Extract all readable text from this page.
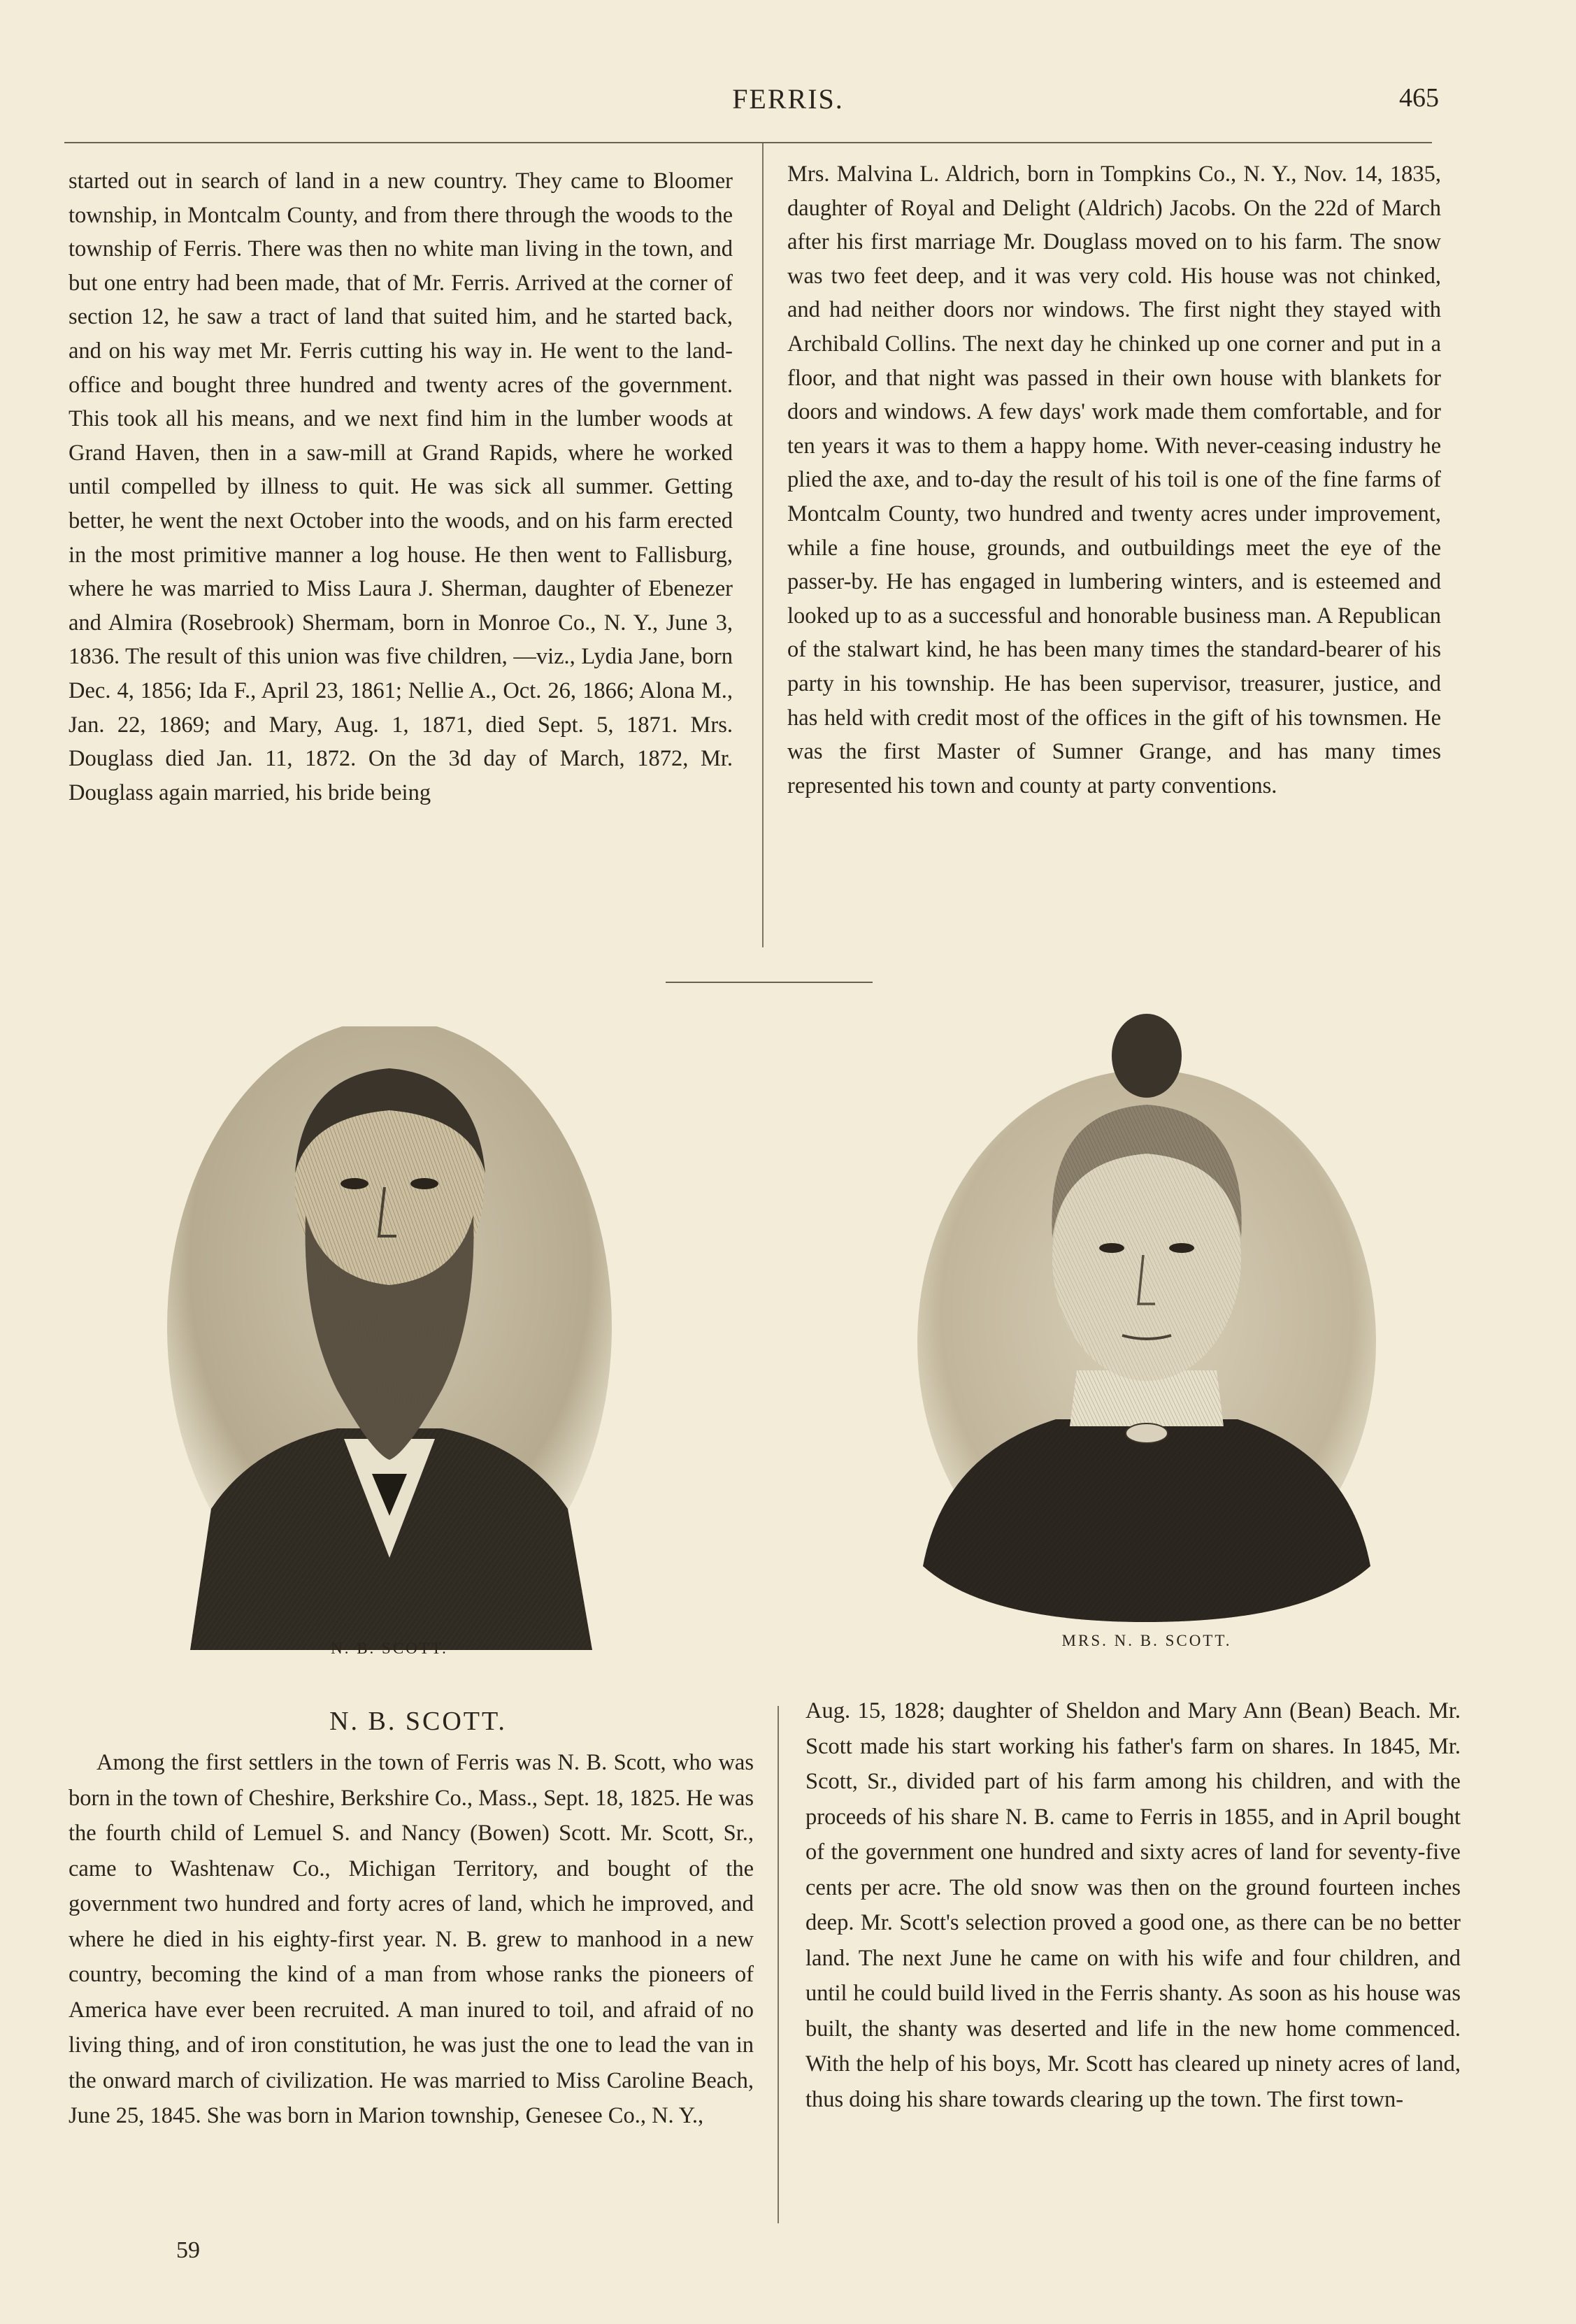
FERRIS.	465

started out in search of land in a new country. They came to Bloomer township, in Montcalm County, and from there through the woods to the township of Ferris. There was then no white man living in the town, and but one entry had been made, that of Mr. Ferris. Arrived at the corner of section 12, he saw a tract of land that suited him, and he started back, and on his way met Mr. Ferris cutting his way in. He went to the land-office and bought three hundred and twenty acres of the government. This took all his means, and we next find him in the lumber woods at Grand Haven, then in a saw-mill at Grand Rapids, where he worked until compelled by illness to quit. He was sick all summer. Getting better, he went the next October into the woods, and on his farm erected in the most primitive manner a log house. He then went to Fallisburg, where he was married to Miss Laura J. Sherman, daughter of Ebenezer and Almira (Rosebrook) Shermam, born in Monroe Co., N. Y., June 3, 1836. The result of this union was five children, —viz., Lydia Jane, born Dec. 4, 1856; Ida F., April 23, 1861; Nellie A., Oct. 26, 1866; Alona M., Jan. 22, 1869; and Mary, Aug. 1, 1871, died Sept. 5, 1871. Mrs. Douglass died Jan. 11, 1872. On the 3d day of March, 1872, Mr. Douglass again married, his bride being

Mrs. Malvina L. Aldrich, born in Tompkins Co., N. Y., Nov. 14, 1835, daughter of Royal and Delight (Aldrich) Jacobs. On the 22d of March after his first marriage Mr. Douglass moved on to his farm. The snow was two feet deep, and it was very cold. His house was not chinked, and had neither doors nor windows. The first night they stayed with Archibald Collins. The next day he chinked up one corner and put in a floor, and that night was passed in their own house with blankets for doors and windows. A few days' work made them comfortable, and for ten years it was to them a happy home. With never-ceasing industry he plied the axe, and to-day the result of his toil is one of the fine farms of Montcalm County, two hundred and twenty acres under improvement, while a fine house, grounds, and outbuildings meet the eye of the passer-by. He has engaged in lumbering winters, and is esteemed and looked up to as a successful and honorable business man. A Republican of the stalwart kind, he has been many times the standard-bearer of his party in his township. He has been supervisor, treasurer, justice, and has held with credit most of the offices in the gift of his townsmen. He was the first Master of Sumner Grange, and has many times represented his town and county at party conventions.

N. B. SCOTT.	MRS. N. B. SCOTT.
N. B. SCOTT.

Among the first settlers in the town of Ferris was N. B. Scott, who was born in the town of Cheshire, Berkshire Co., Mass., Sept. 18, 1825. He was the fourth child of Lemuel S. and Nancy (Bowen) Scott. Mr. Scott, Sr., came to Washtenaw Co., Michigan Territory, and bought of the government two hundred and forty acres of land, which he improved, and where he died in his eighty-first year. N. B. grew to manhood in a new country, becoming the kind of a man from whose ranks the pioneers of America have ever been recruited. A man inured to toil, and afraid of no living thing, and of iron constitution, he was just the one to lead the van in the onward march of civilization. He was married to Miss Caroline Beach, June 25, 1845. She was born in Marion township, Genesee Co., N. Y.,

Aug. 15, 1828; daughter of Sheldon and Mary Ann (Bean) Beach. Mr. Scott made his start working his father's farm on shares. In 1845, Mr. Scott, Sr., divided part of his farm among his children, and with the proceeds of his share N. B. came to Ferris in 1855, and in April bought of the government one hundred and sixty acres of land for seventy-five cents per acre. The old snow was then on the ground fourteen inches deep. Mr. Scott's selection proved a good one, as there can be no better land. The next June he came on with his wife and four children, and until he could build lived in the Ferris shanty. As soon as his house was built, the shanty was deserted and life in the new home commenced. With the help of his boys, Mr. Scott has cleared up ninety acres of land, thus doing his share towards clearing up the town. The first town-

59
